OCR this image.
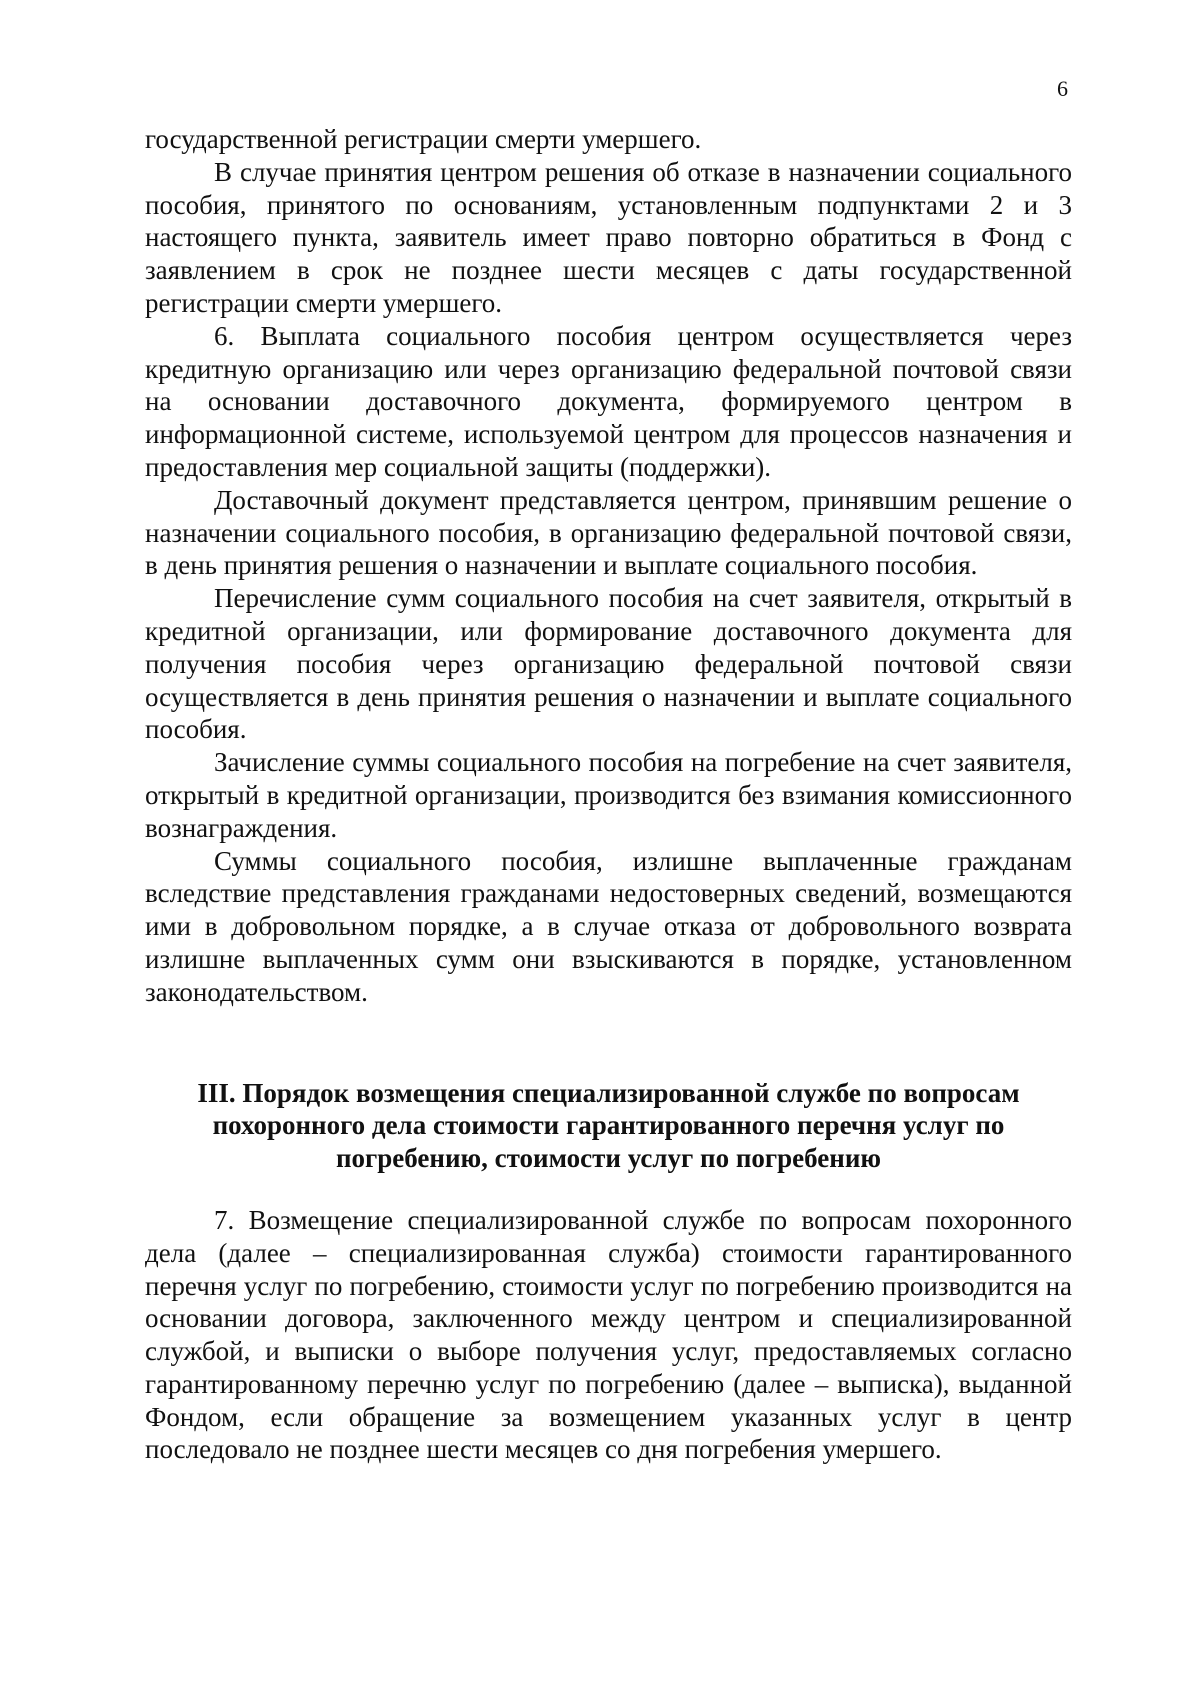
6

государственной регистрации смерти умершего.

В случае принятия центром решения об отказе в назначении социального пособия, принятого по основаниям, установленным подпунктами 2 и 3 настоящего пункта, заявитель имеет право повторно обратиться в Фонд с заявлением в срок не позднее шести месяцев с даты государственной регистрации смерти умершего.

6. Выплата социального пособия центром осуществляется через кредитную организацию или через организацию федеральной почтовой связи на основании доставочного документа, формируемого центром в информационной системе, используемой центром для процессов назначения и предоставления мер социальной защиты (поддержки).

Доставочный документ представляется центром, принявшим решение о назначении социального пособия, в организацию федеральной почтовой связи, в день принятия решения о назначении и выплате социального пособия.

Перечисление сумм социального пособия на счет заявителя, открытый в кредитной организации, или формирование доставочного документа для получения пособия через организацию федеральной почтовой связи осуществляется в день принятия решения о назначении и выплате социального пособия.

Зачисление суммы социального пособия на погребение на счет заявителя, открытый в кредитной организации, производится без взимания комиссионного вознаграждения.

Суммы социального пособия, излишне выплаченные гражданам вследствие представления гражданами недостоверных сведений, возмещаются ими в добровольном порядке, а в случае отказа от добровольного возврата излишне выплаченных сумм они взыскиваются в порядке, установленном законодательством.

III. Порядок возмещения специализированной службе по вопросам
похоронного дела стоимости гарантированного перечня услуг по
погребению, стоимости услуг по погребению

7. Возмещение специализированной службе по вопросам похоронного дела (далее – специализированная служба) стоимости гарантированного перечня услуг по погребению, стоимости услуг по погребению производится на основании договора, заключенного между центром и специализированной службой, и выписки о выборе получения услуг, предоставляемых согласно гарантированному перечню услуг по погребению (далее – выписка), выданной Фондом, если обращение за возмещением указанных услуг в центр последовало не позднее шести месяцев со дня погребения умершего.
